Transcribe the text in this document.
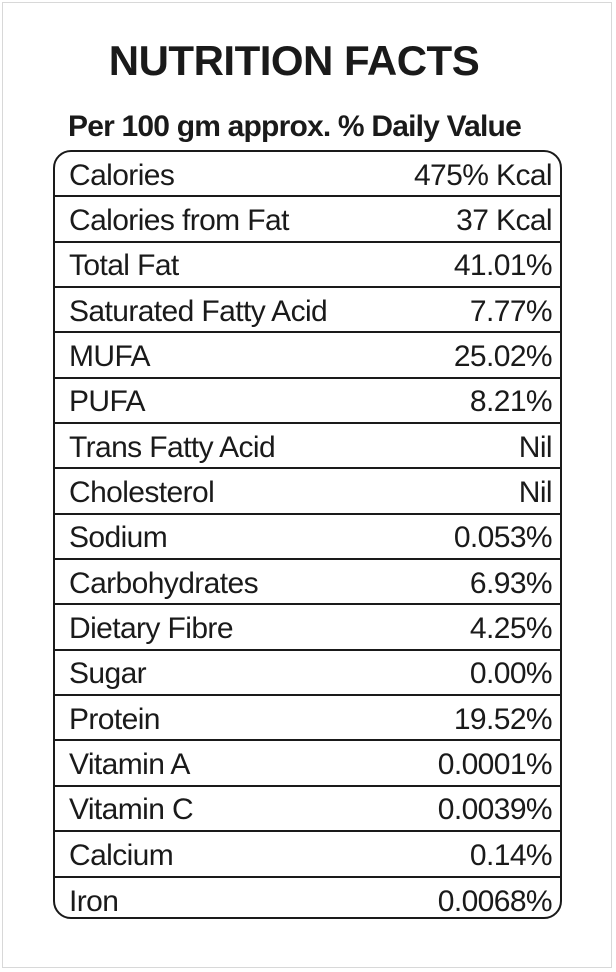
NUTRITION FACTS
Per 100 gm approx. % Daily Value
Calories	475% Kcal
Calories from Fat	37 Kcal
Total Fat	41.01%
Saturated Fatty Acid	7.77%
MUFA	25.02%
PUFA	8.21%
Trans Fatty Acid	Nil
Cholesterol	Nil
Sodium	0.053%
Carbohydrates	6.93%
Dietary Fibre	4.25%
Sugar	0.00%
Protein	19.52%
Vitamin A	0.0001%
Vitamin C	0.0039%
Calcium	0.14%
Iron	0.0068%
